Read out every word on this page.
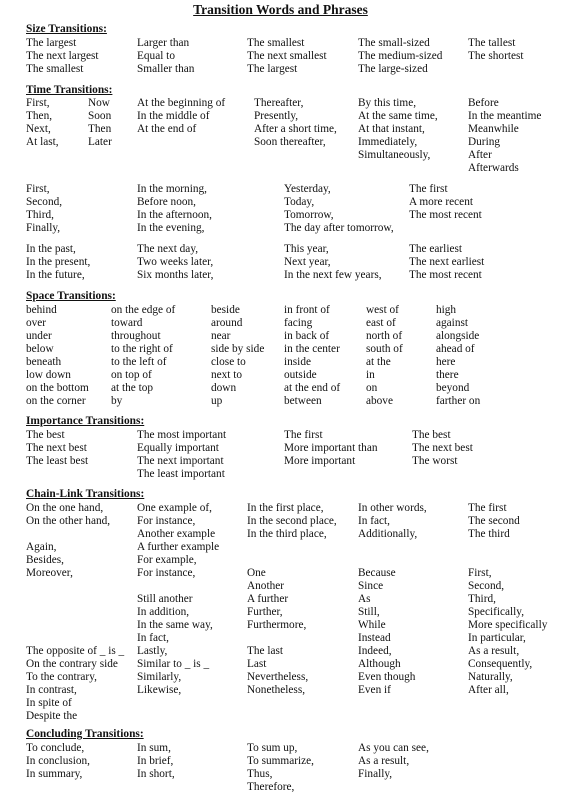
Transition Words and Phrases
Size Transitions:
The largest
The next largest
The smallest
Larger than
Equal to
Smaller than
The smallest
The next smallest
The largest
The small-sized
The medium-sized
The large-sized
The tallest
The shortest
Time Transitions:
First,
Then,
Next,
At last,
Now
Soon
Then
Later
At the beginning of
In the middle of
At the end of
Thereafter,
Presently,
After a short time,
Soon thereafter,
By this time,
At the same time,
At that instant,
Immediately,
Simultaneously,
Before
In the meantime
Meanwhile
During
After
Afterwards
First,
Second,
Third,
Finally,
In the morning,
Before noon,
In the afternoon,
In the evening,
Yesterday,
Today,
Tomorrow,
The day after tomorrow,
The first
A more recent
The most recent
In the past,
In the present,
In the future,
The next day,
Two weeks later,
Six months later,
This year,
Next year,
In the next few years,
The earliest
The next earliest
The most recent
Space Transitions:
behind
over
under
below
beneath
low down
on the bottom
on the corner
on the edge of
toward
throughout
to the right of
to the left of
on top of
at the top
by
beside
around
near
side by side
close to
next to
down
up
in front of
facing
in back of
in the center
inside
outside
at the end of
between
west of
east of
north of
south of
at the
in
on
above
high
against
alongside
ahead of
here
there
beyond
farther on
Importance Transitions:
The best
The next best
The least best
The most important
Equally important
The next important
The least important
The first
More important than
More important
The best
The next best
The worst
Chain-Link Transitions:
On the one hand,
On the other hand,
One example of,
For instance,
Another example
A further example
For example,
For instance,
In the first place,
In the second place,
In the third place,
In other words,
In fact,
Additionally,
The first
The second
The third
Again,
Besides,
Moreover,	One
Another
A further
Further,
Furthermore,
Because
Since
As
Still,
While
Instead
Indeed,
Although
Even though
Even if
First,
Second,
Third,
Specifically,
More specifically
In particular,
As a result,
Consequently,
Naturally,
After all,
Still another
In addition,
In the same way,
In fact,
Lastly,
Similar to _ is _
Similarly,
Likewise,
The opposite of _ is _
On the contrary side
To the contrary,
In contrast,
In spite of
Despite the
The last
Last
Nevertheless,
Nonetheless,
Concluding Transitions:
To conclude,
In conclusion,
In summary,
In sum,
In brief,
In short,
To sum up,
To summarize,
Thus,
Therefore,
As you can see,
As a result,
Finally,
